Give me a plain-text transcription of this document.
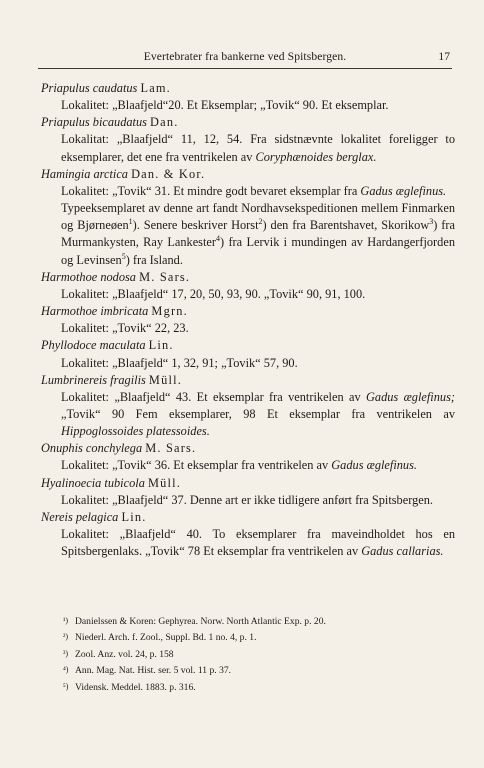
Evertebrater fra bankerne ved Spitsbergen.	17

Priapulus caudatus Lam.

Lokalitet: „Blaafjeld“20. Et Eksemplar; „Tovik“ 90. Et eksemplar.

Priapulus bicaudatus Dan.

Lokalitat: „Blaafjeld“ 11, 12, 54. Fra sidstnævnte lokalitet foreligger to eksemplarer, det ene fra ventrikelen av Coryphænoides berglax.

Hamingia arctica Dan. & Kor.

Lokalitet: „Tovik“ 31. Et mindre godt bevaret eksemplar fra Gadus æglefinus.

Typeeksemplaret av denne art fandt Nordhavsekspeditionen mellem Finmarken og Bjørneøen$^1$). Senere beskriver Horst$^2$) den fra Barentshavet, Skorikow$^3$) fra Murmankysten, Ray Lankester$^4$) fra Lervik i mundingen av Hardangerfjorden og Levinsen$^5$) fra Island.

Harmothoe nodosa M. Sars.

Lokalitet: „Blaafjeld“ 17, 20, 50, 93, 90. „Tovik“ 90, 91, 100.

Harmothoe imbricata Mgrn.

Lokalitet: „Tovik“ 22, 23.

Phyllodoce maculata Lin.

Lokalitet: „Blaafjeld“ 1, 32, 91; „Tovik“ 57, 90.

Lumbrinereis fragilis Müll.

Lokalitet: „Blaafjeld“ 43. Et eksemplar fra ventrikelen av Gadus æglefinus; „Tovik“ 90 Fem eksemplarer, 98 Et eksemplar fra ventrikelen av Hippoglossoides platessoides.

Onuphis conchylega M. Sars.

Lokalitet: „Tovik“ 36. Et eksemplar fra ventrikelen av Gadus æglefinus.

Hyalinoecia tubicola Müll.

Lokalitet: „Blaafjeld“ 37. Denne art er ikke tidligere anført fra Spitsbergen.

Nereis pelagica Lin.

Lokalitet: „Blaafjeld“ 40. To eksemplarer fra maveindholdet hos en Spitsbergenlaks. „Tovik“ 78 Et eksemplar fra ventrikelen av Gadus callarias.

¹) Danielssen & Koren: Gephyrea. Norw. North Atlantic Exp. p. 20.

²) Niederl. Arch. f. Zool., Suppl. Bd. 1 no. 4, p. 1.

³) Zool. Anz. vol. 24, p. 158

⁴) Ann. Mag. Nat. Hist. ser. 5 vol. 11 p. 37.

⁵) Vidensk. Meddel. 1883. p. 316.
